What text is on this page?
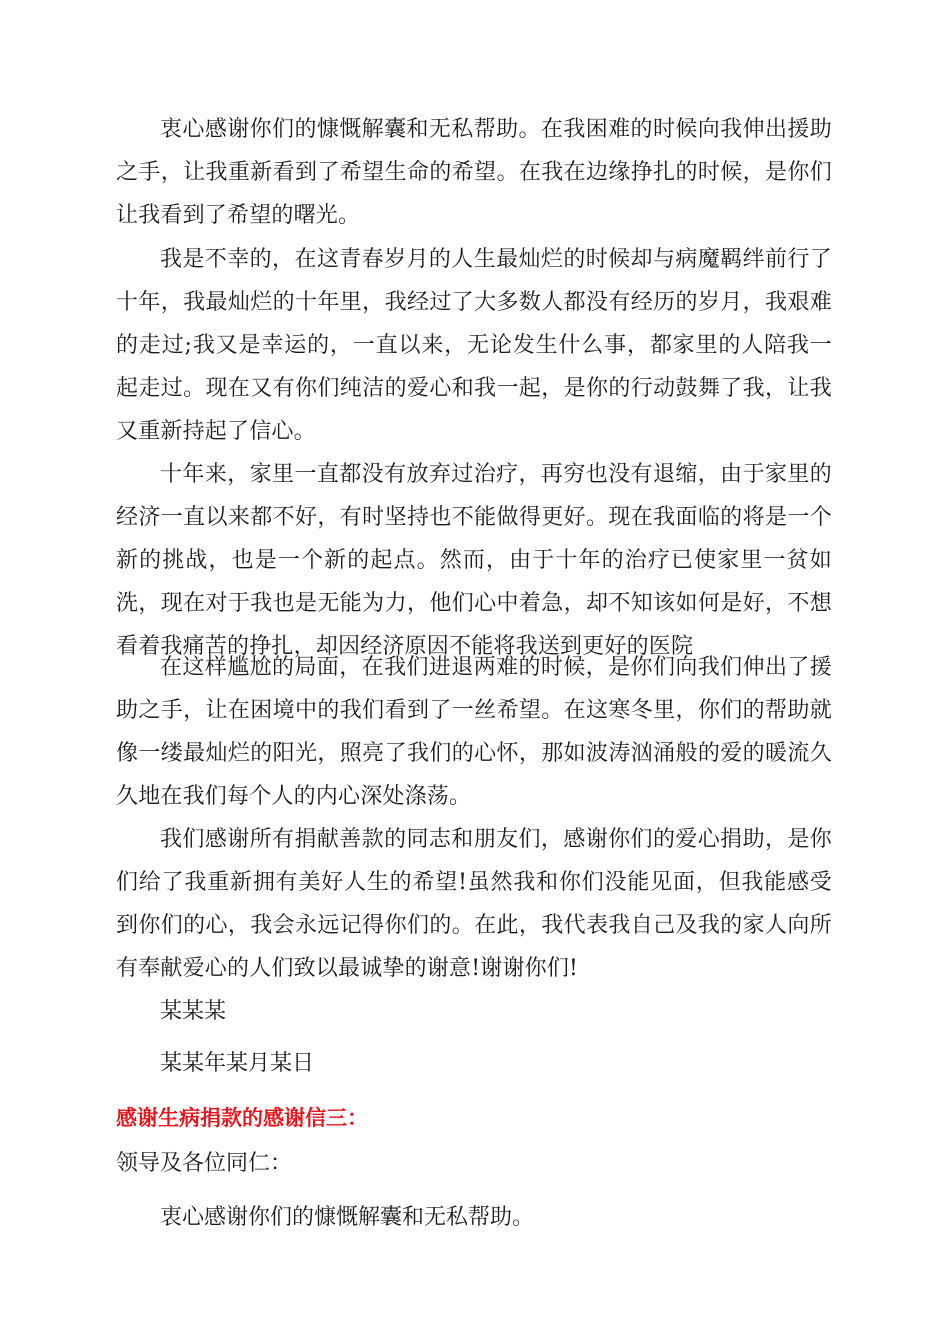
衷心感谢你们的慷慨解囊和无私帮助。在我困难的时候向我伸出援助之手，让我重新看到了希望生命的希望。在我在边缘挣扎的时候，是你们让我看到了希望的曙光。

我是不幸的，在这青春岁月的人生最灿烂的时候却与病魔羁绊前行了十年，我最灿烂的十年里，我经过了大多数人都没有经历的岁月，我艰难的走过;我又是幸运的，一直以来，无论发生什么事，都家里的人陪我一起走过。现在又有你们纯洁的爱心和我一起，是你的行动鼓舞了我，让我又重新持起了信心。

十年来，家里一直都没有放弃过治疗，再穷也没有退缩，由于家里的经济一直以来都不好，有时坚持也不能做得更好。现在我面临的将是一个新的挑战，也是一个新的起点。然而，由于十年的治疗已使家里一贫如洗，现在对于我也是无能为力，他们心中着急，却不知该如何是好，不想看着我痛苦的挣扎，却因经济原因不能将我送到更好的医院

在这样尴尬的局面，在我们进退两难的时候，是你们向我们伸出了援助之手，让在困境中的我们看到了一丝希望。在这寒冬里，你们的帮助就像一缕最灿烂的阳光，照亮了我们的心怀，那如波涛汹涌般的爱的暖流久久地在我们每个人的内心深处涤荡。

我们感谢所有捐献善款的同志和朋友们，感谢你们的爱心捐助，是你们给了我重新拥有美好人生的希望!虽然我和你们没能见面，但我能感受到你们的心，我会永远记得你们的。在此，我代表我自己及我的家人向所有奉献爱心的人们致以最诚挚的谢意!谢谢你们!

某某某

某某年某月某日

感谢生病捐款的感谢信三：

领导及各位同仁：

衷心感谢你们的慷慨解囊和无私帮助。
